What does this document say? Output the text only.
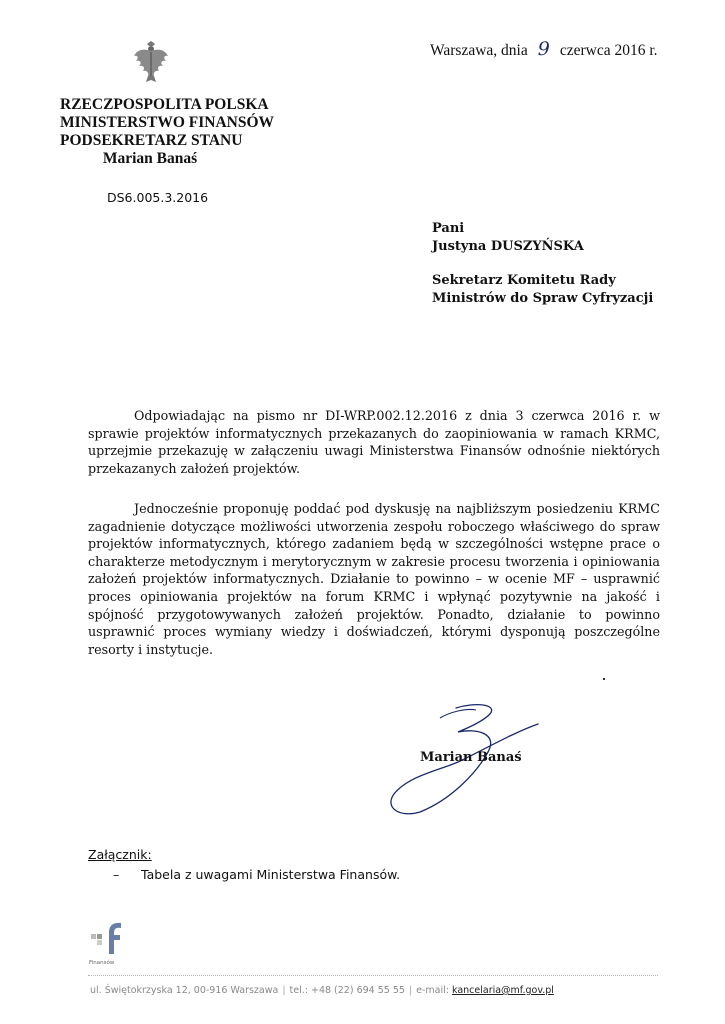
RZECZPOSPOLITA POLSKA
MINISTERSTWO FINANSÓW
PODSEKRETARZ STANU
Marian Banaś
DS6.005.3.2016
Warszawa, dnia 9 czerwca 2016 r.
Pani
Justyna DUSZYŃSKA
Sekretarz Komitetu Rady
Ministrów do Spraw Cyfryzacji
Odpowiadając na pismo nr DI-WRP.002.12.2016 z dnia 3 czerwca 2016 r. w sprawie projektów informatycznych przekazanych do zaopiniowania w ramach KRMC, uprzejmie przekazuję w załączeniu uwagi Ministerstwa Finansów odnośnie niektórych przekazanych założeń projektów.
Jednocześnie proponuję poddać pod dyskusję na najbliższym posiedzeniu KRMC zagadnienie dotyczące możliwości utworzenia zespołu roboczego właściwego do spraw projektów informatycznych, którego zadaniem będą w szczególności wstępne prace o charakterze metodycznym i merytorycznym w zakresie procesu tworzenia i opiniowania założeń projektów informatycznych. Działanie to powinno – w ocenie MF – usprawnić proces opiniowania projektów na forum KRMC i wpłynąć pozytywnie na jakość i spójność przygotowywanych założeń projektów. Ponadto, działanie to powinno usprawnić proces wymiany wiedzy i doświadczeń, którymi dysponują poszczególne resorty i instytucje.
Marian Banaś
Załącznik:
– Tabela z uwagami Ministerstwa Finansów.
Finansów
ul. Świętokrzyska 12, 00-916 Warszawa | tel.: +48 (22) 694 55 55 | e-mail: kancelaria@mf.gov.pl
